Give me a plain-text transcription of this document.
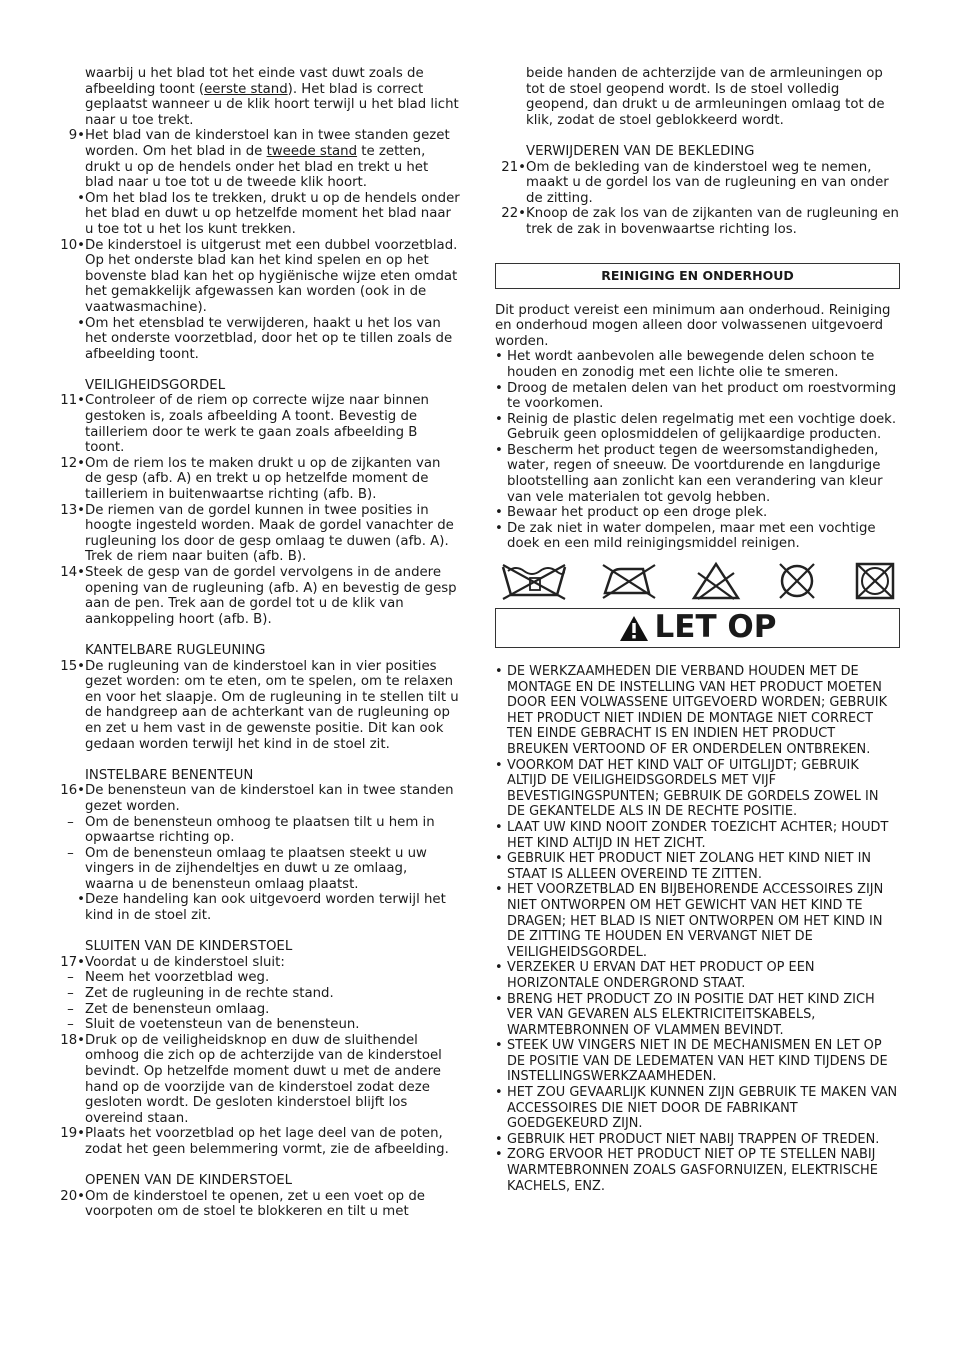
waarbij u het blad tot het einde vast duwt zoals de afbeelding toont (eerste stand). Het blad is correct geplaatst wanneer u de klik hoort terwijl u het blad licht naar u toe trekt.
9• Het blad van de kinderstoel kan in twee standen gezet worden. Om het blad in de tweede stand te zetten, drukt u op de hendels onder het blad en trekt u het blad naar u toe tot u de tweede klik hoort.
• Om het blad los te trekken, drukt u op de hendels onder het blad en duwt u op hetzelfde moment het blad naar u toe tot u het los kunt trekken.
10• De kinderstoel is uitgerust met een dubbel voorzetblad. Op het onderste blad kan het kind spelen en op het bovenste blad kan het op hygiënische wijze eten omdat het gemakkelijk afgewassen kan worden (ook in de vaatwasmachine).
• Om het etensblad te verwijderen, haakt u het los van het onderste voorzetblad, door het op te tillen zoals de afbeelding toont.
VEILIGHEIDSGORDEL
11• Controleer of de riem op correcte wijze naar binnen gestoken is, zoals afbeelding A toont. Bevestig de tailleriem door te werk te gaan zoals afbeelding B toont.
12• Om de riem los te maken drukt u op de zijkanten van de gesp (afb. A) en trekt u op hetzelfde moment de tailleriem in buitenwaartse richting (afb. B).
13• De riemen van de gordel kunnen in twee posities in hoogte ingesteld worden. Maak de gordel vanachter de rugleuning los door de gesp omlaag te duwen (afb. A). Trek de riem naar buiten (afb. B).
14• Steek de gesp van de gordel vervolgens in de andere opening van de rugleuning (afb. A) en bevestig de gesp aan de pen. Trek aan de gordel tot u de klik van aankoppeling hoort (afb. B).
KANTELBARE RUGLEUNING
15• De rugleuning van de kinderstoel kan in vier posities gezet worden: om te eten, om te spelen, om te relaxen en voor het slaapje. Om de rugleuning in te stellen tilt u de handgreep aan de achterkant van de rugleuning op en zet u hem vast in de gewenste positie. Dit kan ook gedaan worden terwijl het kind in de stoel zit.
INSTELBARE BENENTEUN
16• De benensteun van de kinderstoel kan in twee standen gezet worden.
– Om de benensteun omhoog te plaatsen tilt u hem in opwaartse richting op.
– Om de benensteun omlaag te plaatsen steekt u uw vingers in de zijhendeltjes en duwt u ze omlaag, waarna u de benensteun omlaag plaatst.
• Deze handeling kan ook uitgevoerd worden terwijl het kind in de stoel zit.
SLUITEN VAN DE KINDERSTOEL
17• Voordat u de kinderstoel sluit:
– Neem het voorzetblad weg.
– Zet de rugleuning in de rechte stand.
– Zet de benensteun omlaag.
– Sluit de voetensteun van de benensteun.
18• Druk op de veiligheidsknop en duw de sluithendel omhoog die zich op de achterzijde van de kinderstoel bevindt. Op hetzelfde moment duwt u met de andere hand op de voorzijde van de kinderstoel zodat deze gesloten wordt. De gesloten kinderstoel blijft los overeind staan.
19• Plaats het voorzetblad op het lage deel van de poten, zodat het geen belemmering vormt, zie de afbeelding.
OPENEN VAN DE KINDERSTOEL
20• Om de kinderstoel te openen, zet u een voet op de voorpoten om de stoel te blokkeren en tilt u met
beide handen de achterzijde van de armleuningen op tot de stoel geopend wordt. Is de stoel volledig geopend, dan drukt u de armleuningen omlaag tot de klik, zodat de stoel geblokkeerd wordt.
VERWIJDEREN VAN DE BEKLEDING
21• Om de bekleding van de kinderstoel weg te nemen, maakt u de gordel los van de rugleuning en van onder de zitting.
22• Knoop de zak los van de zijkanten van de rugleuning en trek de zak in bovenwaartse richting los.
REINIGING EN ONDERHOUD
Dit product vereist een minimum aan onderhoud. Reiniging en onderhoud mogen alleen door volwassenen uitgevoerd worden.
• Het wordt aanbevolen alle bewegende delen schoon te houden en zonodig met een lichte olie te smeren.
• Droog de metalen delen van het product om roestvorming te voorkomen.
• Reinig de plastic delen regelmatig met een vochtige doek. Gebruik geen oplosmiddelen of gelijkaardige producten.
• Bescherm het product tegen de weersomstandigheden, water, regen of sneeuw. De voortdurende en langdurige blootstelling aan zonlicht kan een verandering van kleur van vele materialen tot gevolg hebben.
• Bewaar het product op een droge plek.
• De zak niet in water dompelen, maar met een vochtige doek en een mild reinigingsmiddel reinigen.
LET OP
• DE WERKZAAMHEDEN DIE VERBAND HOUDEN MET DE MONTAGE EN DE INSTELLING VAN HET PRODUCT MOETEN DOOR EEN VOLWASSENE UITGEVOERD WORDEN; GEBRUIK HET PRODUCT NIET INDIEN DE MONTAGE NIET CORRECT TEN EINDE GEBRACHT IS EN INDIEN HET PRODUCT BREUKEN VERTOOND OF ER ONDERDELEN ONTBREKEN.
• VOORKOM DAT HET KIND VALT OF UITGLIJDT; GEBRUIK ALTIJD DE VEILIGHEIDSGORDELS MET VIJF BEVESTIGINGSPUNTEN; GEBRUIK DE GORDELS ZOWEL IN DE GEKANTELDE ALS IN DE RECHTE POSITIE.
• LAAT UW KIND NOOIT ZONDER TOEZICHT ACHTER; HOUDT HET KIND ALTIJD IN HET ZICHT.
• GEBRUIK HET PRODUCT NIET ZOLANG HET KIND NIET IN STAAT IS ALLEEN OVEREIND TE ZITTEN.
• HET VOORZETBLAD EN BIJBEHORENDE ACCESSOIRES ZIJN NIET ONTWORPEN OM HET GEWICHT VAN HET KIND TE DRAGEN; HET BLAD IS NIET ONTWORPEN OM HET KIND IN DE ZITTING TE HOUDEN EN VERVANGT NIET DE VEILIGHEIDSGORDEL.
• VERZEKER U ERVAN DAT HET PRODUCT OP EEN HORIZONTALE ONDERGROND STAAT.
• BRENG HET PRODUCT ZO IN POSITIE DAT HET KIND ZICH VER VAN GEVAREN ALS ELEKTRICITEITSKABELS, WARMTEBRONNEN OF VLAMMEN BEVINDT.
• STEEK UW VINGERS NIET IN DE MECHANISMEN EN LET OP DE POSITIE VAN DE LEDEMATEN VAN HET KIND TIJDENS DE INSTELLINGSWERKZAAMHEDEN.
• HET ZOU GEVAARLIJK KUNNEN ZIJN GEBRUIK TE MAKEN VAN ACCESSOIRES DIE NIET DOOR DE FABRIKANT GOEDGEKEURD ZIJN.
• GEBRUIK HET PRODUCT NIET NABIJ TRAPPEN OF TREDEN.
• ZORG ERVOOR HET PRODUCT NIET OP TE STELLEN NABIJ WARMTEBRONNEN ZOALS GASFORNUIZEN, ELEKTRISCHE KACHELS, ENZ.
